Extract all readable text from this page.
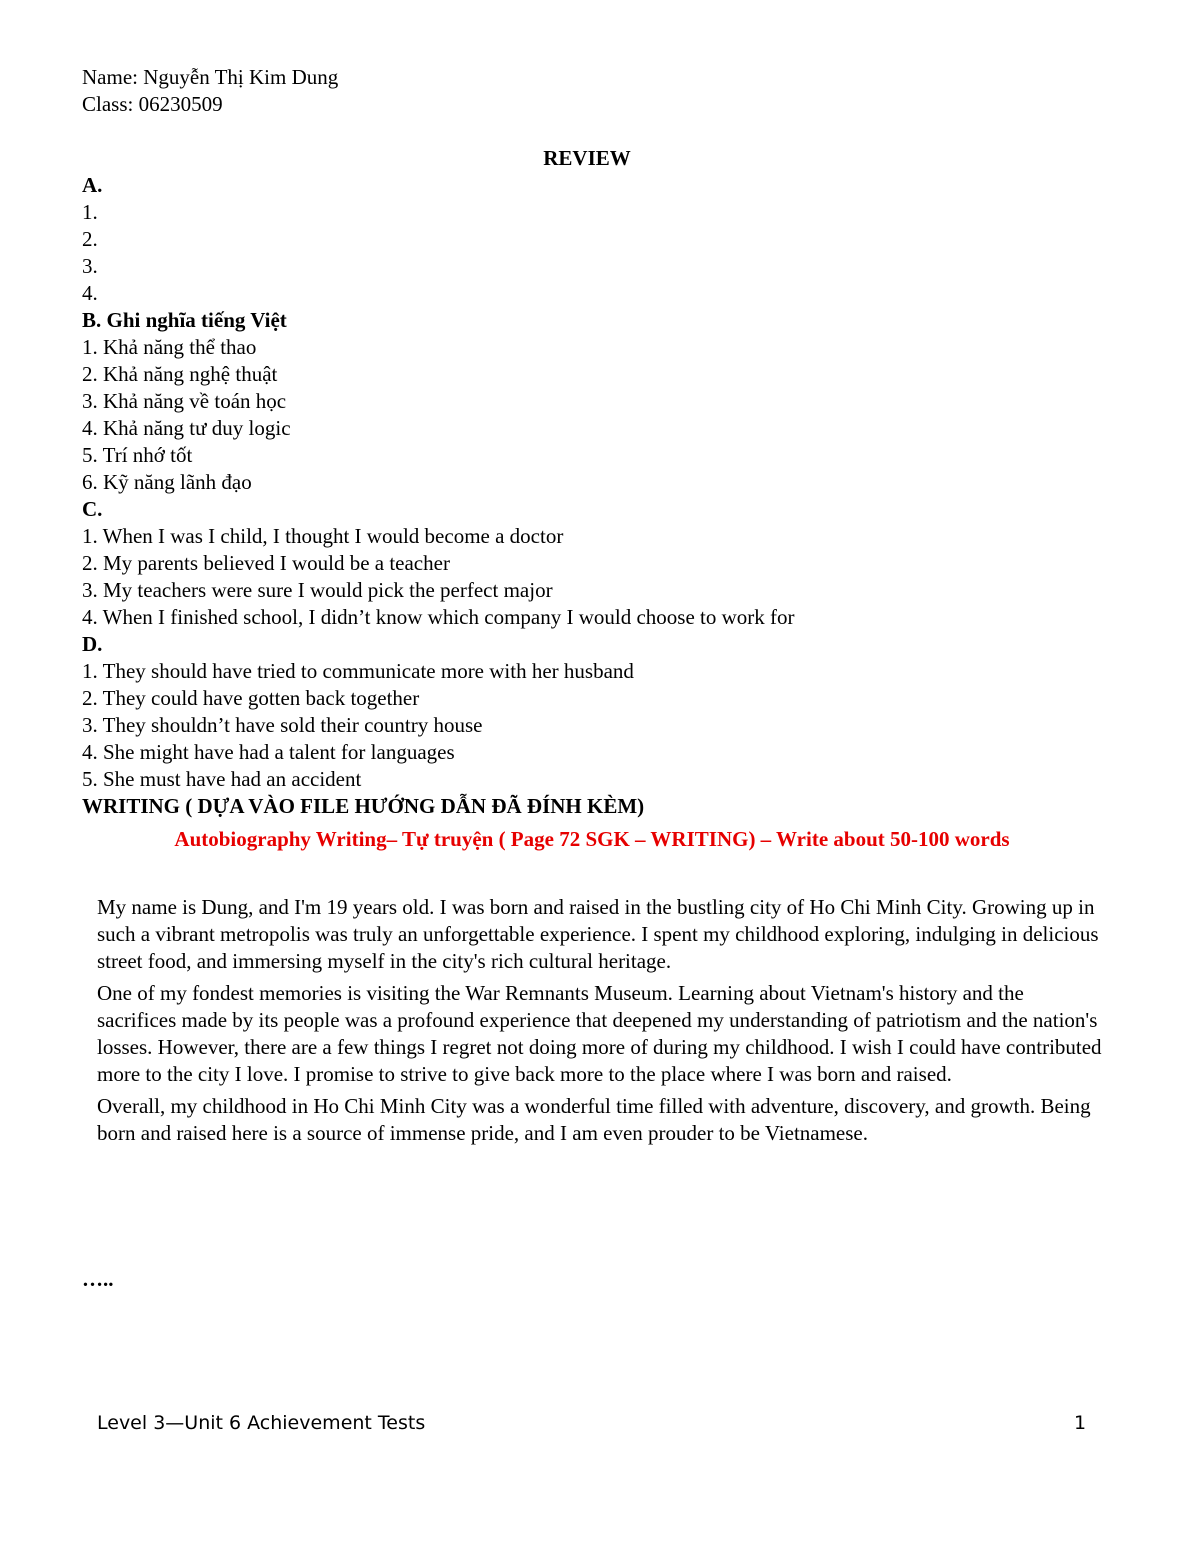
Name: Nguyễn Thị Kim Dung
Class: 06230509
REVIEW
A.
1.
2.
3.
4.
B. Ghi nghĩa tiếng Việt
1. Khả năng thể thao
2. Khả năng nghệ thuật
3. Khả năng về toán học
4. Khả năng tư duy logic
5. Trí nhớ tốt
6. Kỹ năng lãnh đạo
C.
1. When I was I child, I thought I would become a doctor
2. My parents believed I would be a teacher
3. My teachers were sure I would pick the perfect major
4. When I finished school, I didn’t know which company I would choose to work for
D.
1. They should have tried to communicate more with her husband
2. They could have gotten back together
3. They shouldn’t have sold their country house
4. She might have had a talent for languages
5. She must have had an accident
WRITING ( DỰA VÀO FILE HƯỚNG DẪN ĐÃ ĐÍNH KÈM)
Autobiography Writing– Tự truyện ( Page 72 SGK – WRITING) – Write about 50-100 words

My name is Dung, and I'm 19 years old. I was born and raised in the bustling city of Ho Chi Minh City. Growing up in such a vibrant metropolis was truly an unforgettable experience. I spent my childhood exploring, indulging in delicious street food, and immersing myself in the city's rich cultural heritage.

One of my fondest memories is visiting the War Remnants Museum. Learning about Vietnam's history and the sacrifices made by its people was a profound experience that deepened my understanding of patriotism and the nation's losses. However, there are a few things I regret not doing more of during my childhood. I wish I could have contributed more to the city I love. I promise to strive to give back more to the place where I was born and raised.

Overall, my childhood in Ho Chi Minh City was a wonderful time filled with adventure, discovery, and growth. Being born and raised here is a source of immense pride, and I am even prouder to be Vietnamese.

…..
Level 3—Unit 6 Achievement Tests	1
